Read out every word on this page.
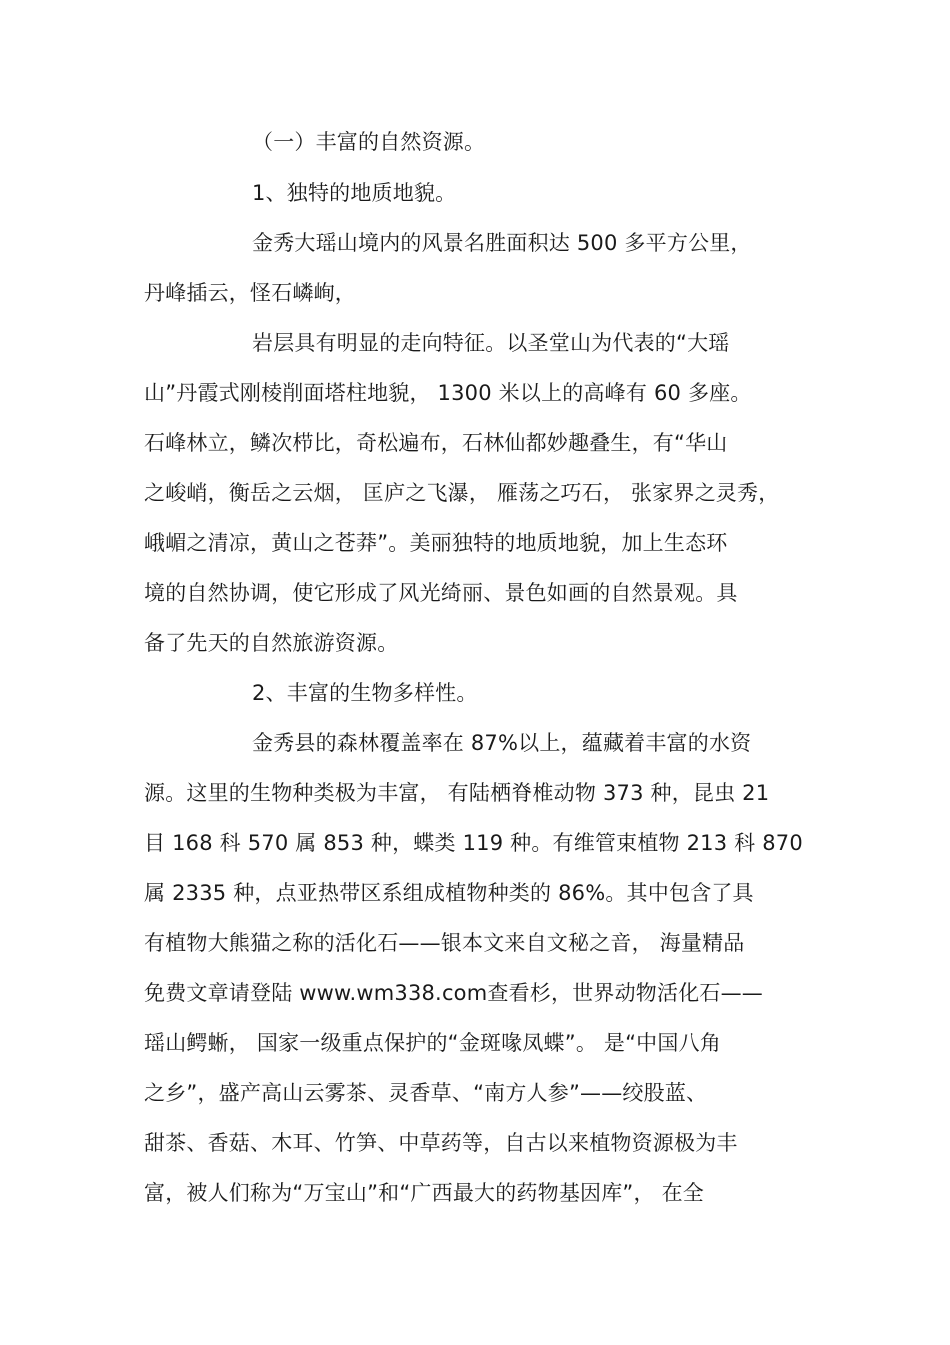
（一）丰富的自然资源。
1、独特的地质地貌。
金秀大瑶山境内的风景名胜面积达 500 多平方公里，
丹峰插云，怪石嶙峋，
岩层具有明显的走向特征。以圣堂山为代表的“大瑶
山”丹霞式刚棱削面塔柱地貌， 1300 米以上的高峰有 60 多座。
石峰林立，鳞次栉比，奇松遍布，石林仙都妙趣叠生，有“华山
之峻峭，衡岳之云烟， 匡庐之飞瀑， 雁荡之巧石， 张家界之灵秀，
峨嵋之清凉，黄山之苍莽”。美丽独特的地质地貌，加上生态环
境的自然协调，使它形成了风光绮丽、景色如画的自然景观。具
备了先天的自然旅游资源。
2、丰富的生物多样性。
金秀县的森林覆盖率在 87%以上，蕴藏着丰富的水资
源。这里的生物种类极为丰富， 有陆栖脊椎动物 373 种，昆虫 21
目 168 科 570 属 853 种，蝶类 119 种。有维管束植物 213 科 870
属 2335 种，点亚热带区系组成植物种类的 86%。其中包含了具
有植物大熊猫之称的活化石——银本文来自文秘之音， 海量精品
免费文章请登陆 www.wm338.com查看杉，世界动物活化石——
瑶山鳄蜥， 国家一级重点保护的“金斑喙凤蝶”。 是“中国八角
之乡”，盛产高山云雾茶、灵香草、“南方人参”——绞股蓝、
甜茶、香菇、木耳、竹笋、中草药等，自古以来植物资源极为丰
富，被人们称为“万宝山”和“广西最大的药物基因库”， 在全
